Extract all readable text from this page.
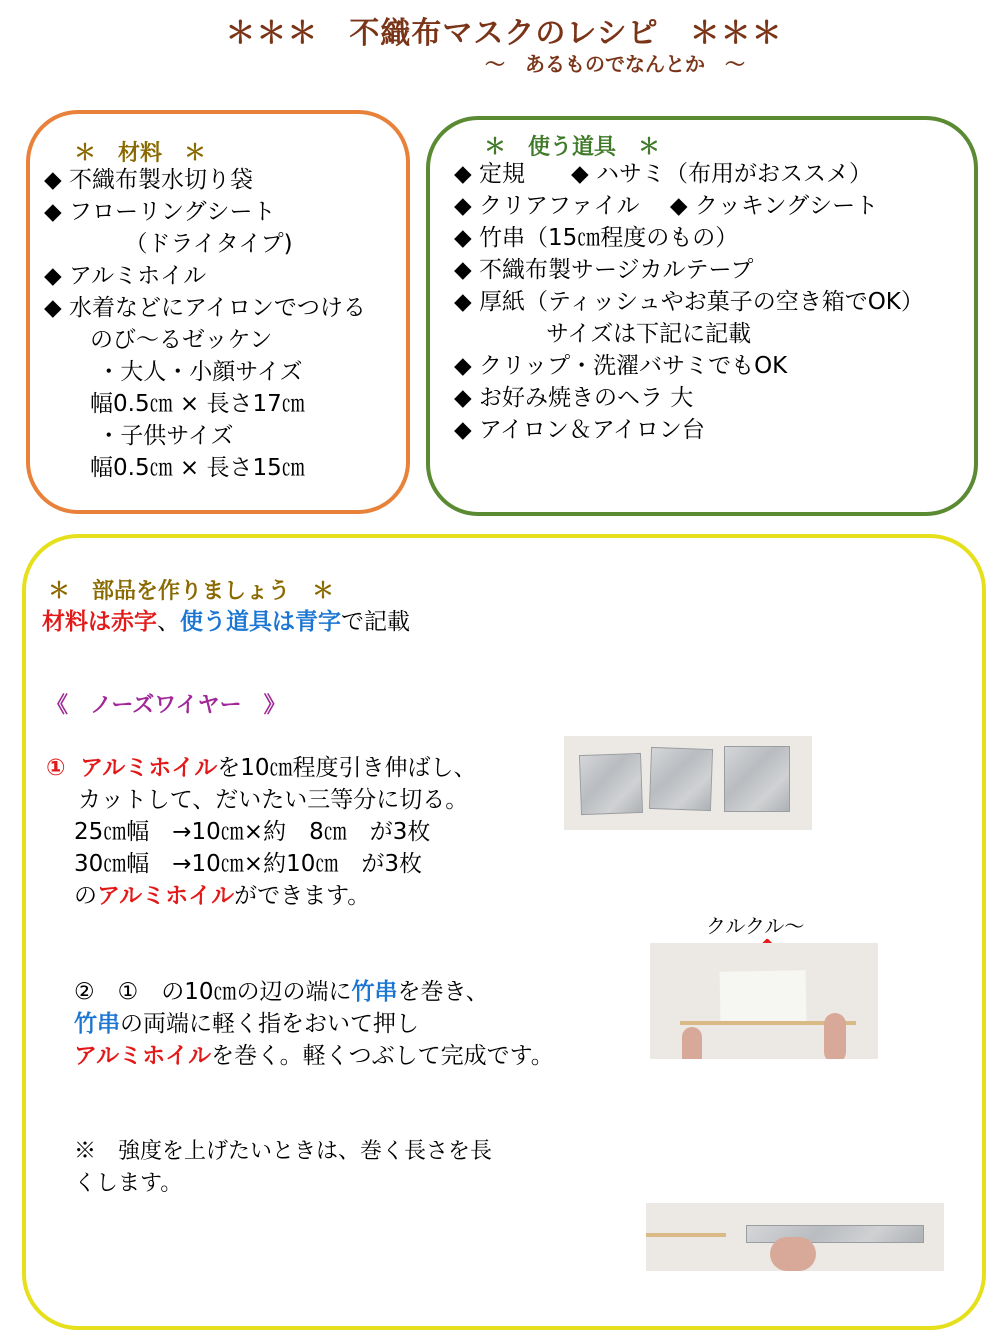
＊＊＊　不織布マスクのレシピ　＊＊＊
～　あるものでなんとか　～
＊　材料　＊
◆ 不織布製水切り袋
◆ フローリングシート
　　　　（ドライタイプ)
◆ アルミホイル
◆ 水着などにアイロンでつける
　　のび～るゼッケン
　　 ・大人・小顔サイズ
　　幅0.5㎝ × 長さ17㎝
　　 ・子供サイズ
　　幅0.5㎝ × 長さ15㎝
＊　使う道具　＊
◆ 定規　　◆ ハサミ（布用がおススメ）
◆ クリアファイル　 ◆ クッキングシート
◆ 竹串（15㎝程度のもの）
◆ 不織布製サージカルテープ
◆ 厚紙（ティッシュやお菓子の空き箱でOK）
　　　　サイズは下記に記載
◆ クリップ・洗濯バサミでもOK
◆ お好み焼きのヘラ 大
◆ アイロン＆アイロン台
＊　部品を作りましょう　＊
材料は赤字、使う道具は青字で記載
《　ノーズワイヤー　》
① アルミホイルを10㎝程度引き伸ばし、
カットして、だいたい三等分に切る。
25㎝幅　→10㎝×約　8㎝　が3枚
30㎝幅　→10㎝×約10㎝　が3枚
のアルミホイルができます。
クルクル～
②　①　の10㎝の辺の端に竹串を巻き、
竹串の両端に軽く指をおいて押し
アルミホイルを巻く。軽くつぶして完成です。
※　強度を上げたいときは、巻く長さを長
くします。
